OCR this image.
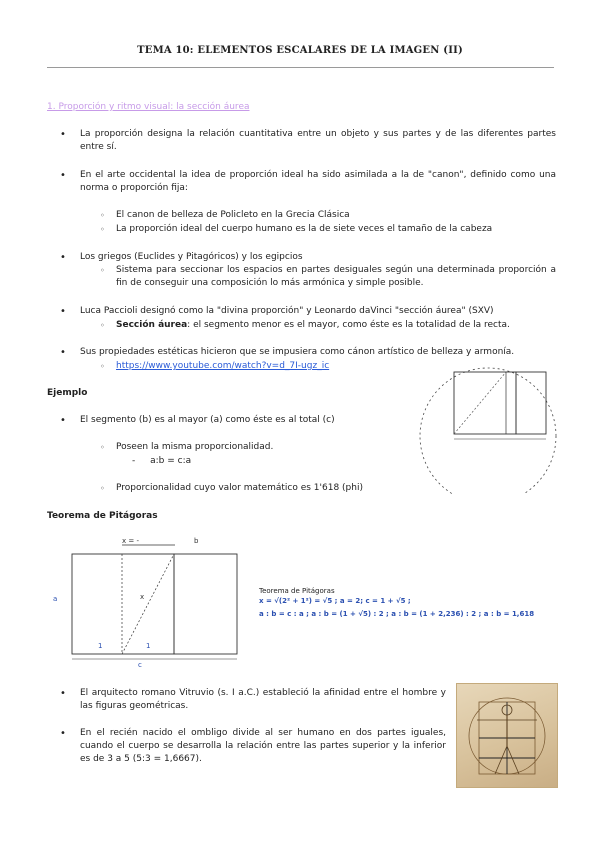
TEMA 10: ELEMENTOS ESCALARES DE LA IMAGEN (II)
1. Proporción y ritmo visual: la sección áurea
• La proporción designa la relación cuantitativa entre un objeto y sus partes y de las diferentes partes entre sí.
• En el arte occidental la idea de proporción ideal ha sido asimilada a la de "canon", definido como una norma o proporción fija:
◦ El canon de belleza de Policleto en la Grecia Clásica
◦ La proporción ideal del cuerpo humano es la de siete veces el tamaño de la cabeza
• Los griegos (Euclides y Pitagóricos) y los egipcios
◦ Sistema para seccionar los espacios en partes desiguales según una determinada proporción a fin de conseguir una composición lo más armónica y simple posible.
• Luca Paccioli designó como la "divina proporción" y Leonardo daVinci "sección áurea" (SXV)
◦ Sección áurea: el segmento menor es el mayor, como éste es la totalidad de la recta.
• Sus propiedades estéticas hicieron que se impusiera como cánon artístico de belleza y armonía.
◦ https://www.youtube.com/watch?v=d_7I-ugz_ic
Ejemplo
• El segmento (b) es al mayor (a) como éste es al total (c)
◦ Poseen la misma proporcionalidad.
- a:b = c:a
◦ Proporcionalidad cuyo valor matemático es 1'618 (phi)
Teorema de Pitágoras
x = -	b
a	x
1	1
c
Teorema de Pitágoras
x = √(2² + 1²) = √5 ; a = 2; c = 1 + √5 ;
a : b = c : a ; a : b = (1 + √5) : 2 ; a : b = (1 + 2,236) : 2 ; a : b = 1,618
• El arquitecto romano Vitruvio (s. I a.C.) estableció la afinidad entre el hombre y las figuras geométricas.
• En el recién nacido el ombligo divide al ser humano en dos partes iguales, cuando el cuerpo se desarrolla la relación entre las partes superior y la inferior es de 3 a 5 (5:3 = 1,6667).
